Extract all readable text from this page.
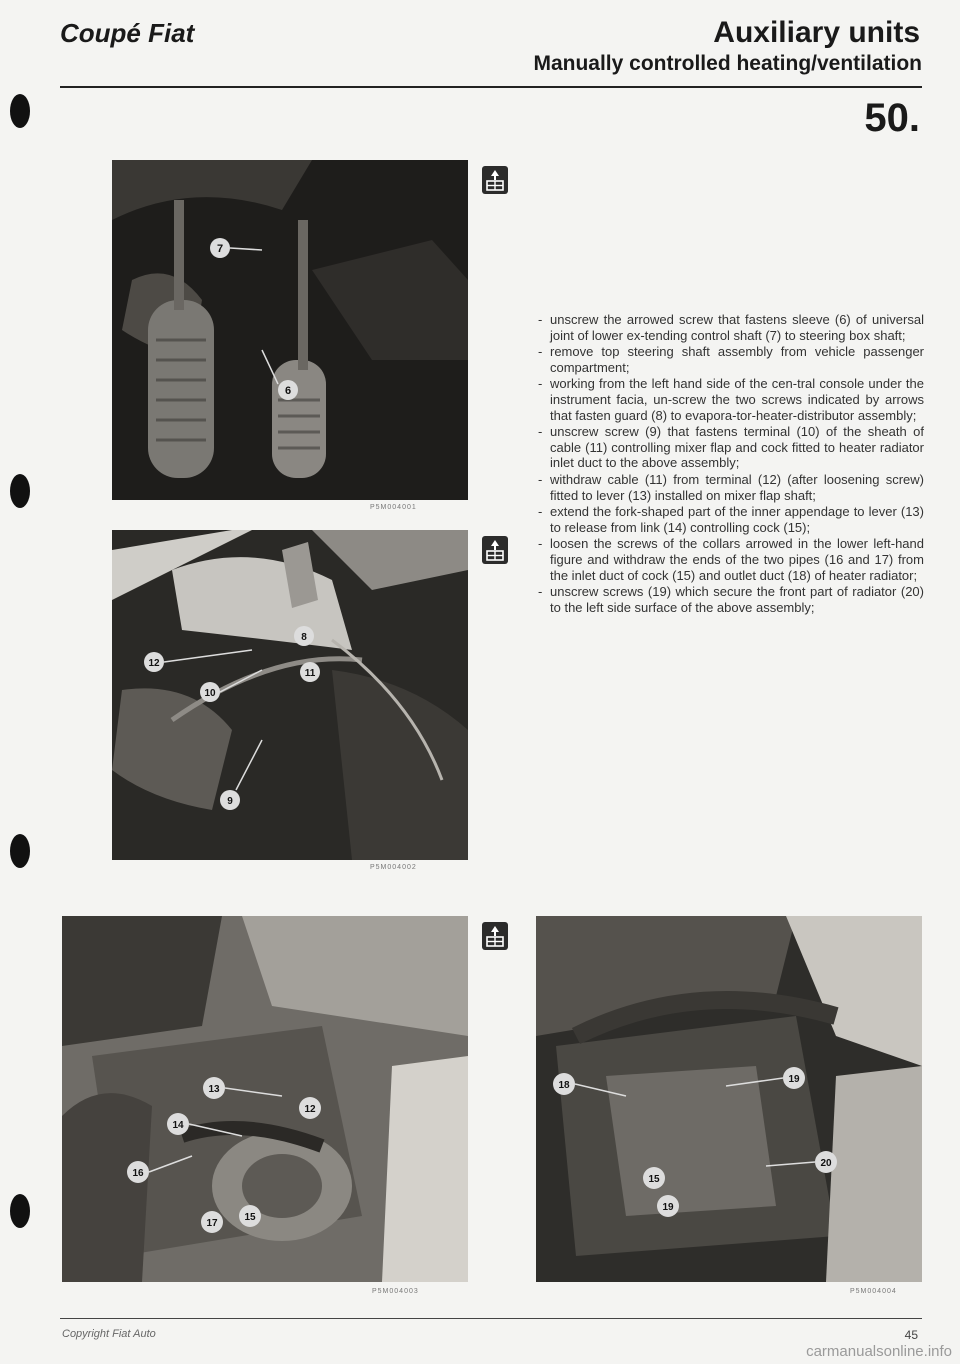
Coupé Fiat	Auxiliary units
Manually controlled heating/ventilation
50.
7
6
P5M004001
12
8
11
10
9
P5M004002
13
12
14
16
15
17
P5M004003
18
19
15
20
19
P5M004004
- unscrew the arrowed screw that fastens sleeve (6) of universal joint of lower ex-tending control shaft (7) to steering box shaft;
- remove top steering shaft assembly from vehicle passenger compartment;
- working from the left hand side of the cen-tral console under the instrument facia, un-screw the two screws indicated by arrows that fasten guard (8) to evapora-tor-heater-distributor assembly;
- unscrew screw (9) that fastens terminal (10) of the sheath of cable (11) controlling mixer flap and cock fitted to heater radiator inlet duct to the above assembly;
- withdraw cable (11) from terminal (12) (after loosening screw) fitted to lever (13) installed on mixer flap shaft;
- extend the fork-shaped part of the inner appendage to lever (13) to release from link (14) controlling cock (15);
- loosen the screws of the collars arrowed in the lower left-hand figure and withdraw the ends of the two pipes (16 and 17) from the inlet duct of cock (15) and outlet duct (18) of heater radiator;
- unscrew screws (19) which secure the front part of radiator (20) to the left side surface of the above assembly;
Copyright Fiat Auto	45
carmanualsonline.info
